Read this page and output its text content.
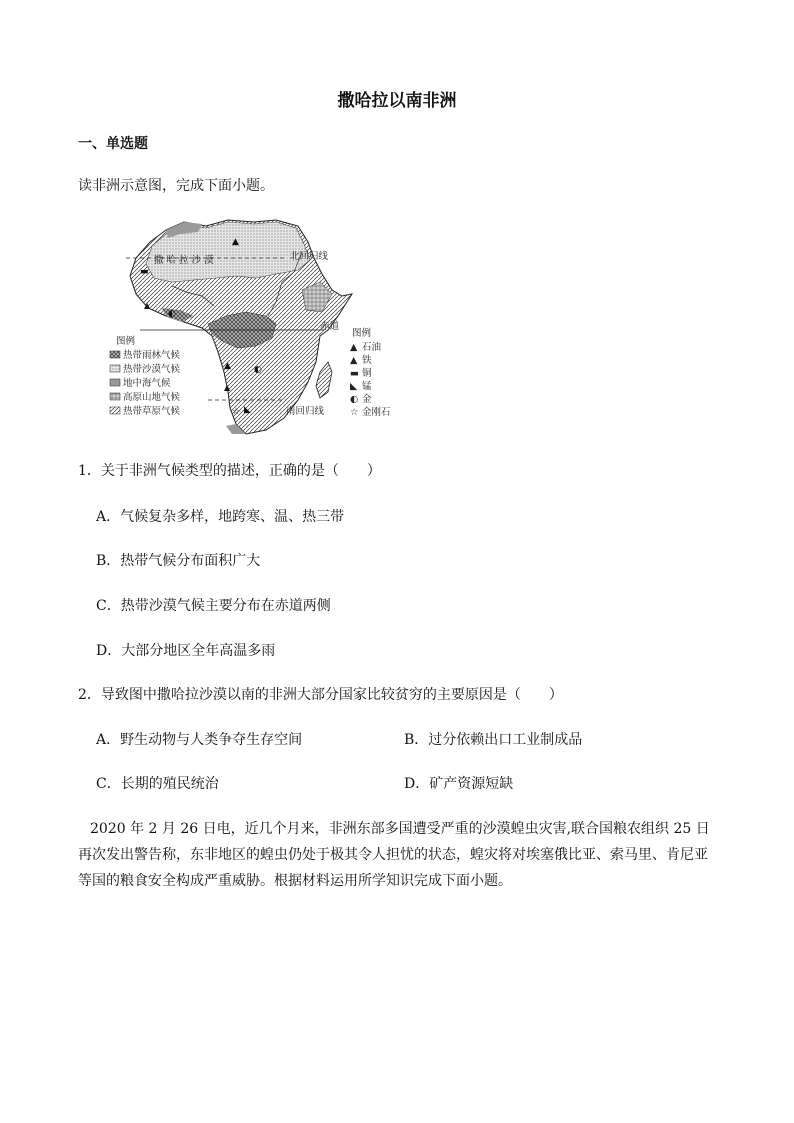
撒哈拉以南非洲
一、单选题
读非洲示意图，完成下面小题。
撒 哈 拉 沙 漠	北回归线
赤道
南回归线
▲
▬
▲
◐
▲
▲
◐
◣
☆
图例
热带雨林气候
热带沙漠气候
地中海气候
高原山地气候
热带草原气候
图例
▲ 石油
▲ 铁
▬ 铜
◣ 锰
◐ 金
☆ 金刚石
1．关于非洲气候类型的描述，正确的是（　　）
A．气候复杂多样，地跨寒、温、热三带
B．热带气候分布面积广大
C．热带沙漠气候主要分布在赤道两侧
D．大部分地区全年高温多雨
2．导致图中撒哈拉沙漠以南的非洲大部分国家比较贫穷的主要原因是（　　）
A．野生动物与人类争夺生存空间	B．过分依赖出口工业制成品
C．长期的殖民统治	D．矿产资源短缺
2020 年 2 月 26 日电，近几个月来，非洲东部多国遭受严重的沙漠蝗虫灾害,联合国粮农组织 25 日再次发出警告称，东非地区的蝗虫仍处于极其令人担忧的状态，蝗灾将对埃塞俄比亚、索马里、肯尼亚等国的粮食安全构成严重威胁。根据材料运用所学知识完成下面小题。
